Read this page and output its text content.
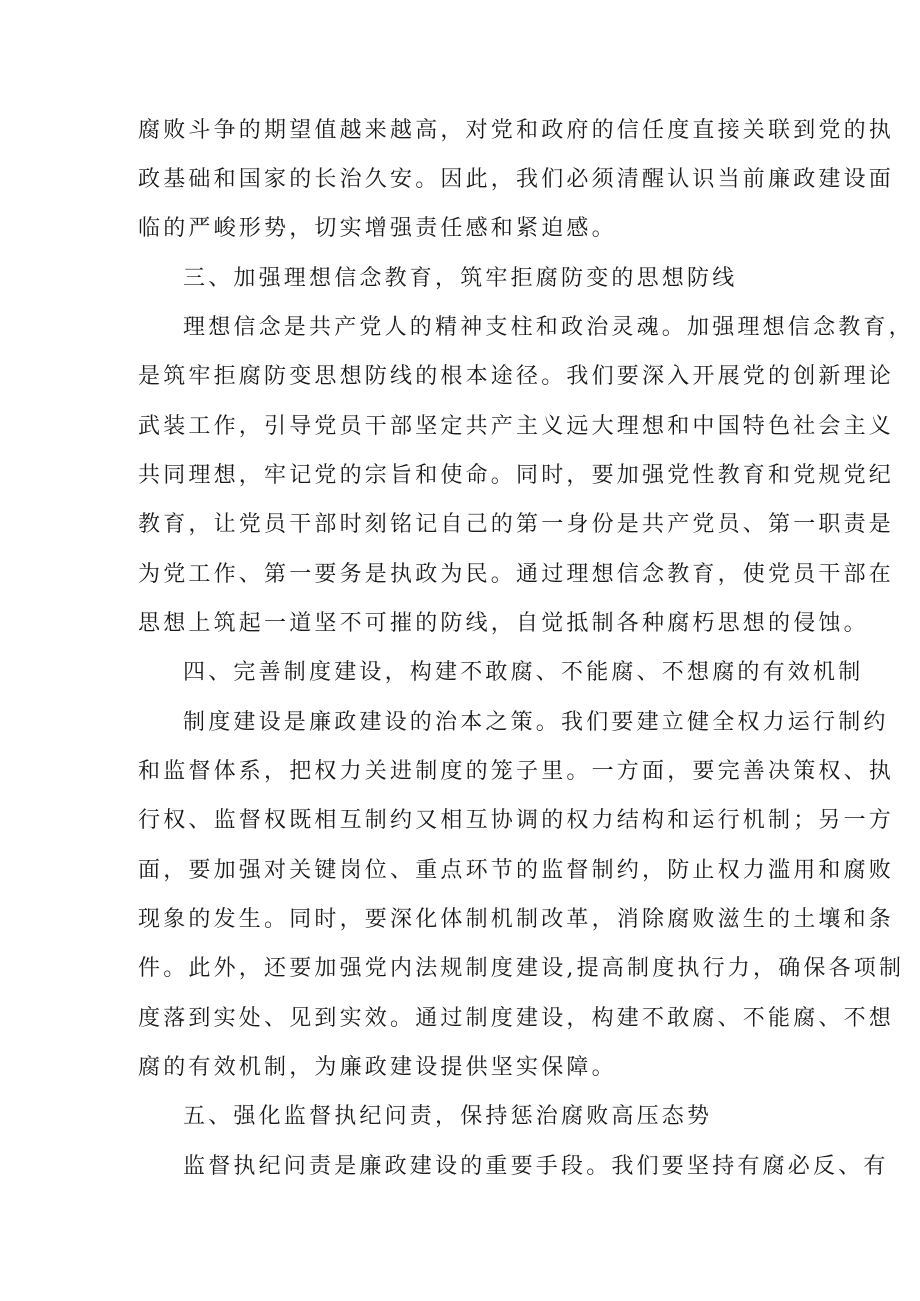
腐败斗争的期望值越来越高，对党和政府的信任度直接关联到党的执

政基础和国家的长治久安。因此，我们必须清醒认识当前廉政建设面

临的严峻形势，切实增强责任感和紧迫感。

三、加强理想信念教育，筑牢拒腐防变的思想防线

理想信念是共产党人的精神支柱和政治灵魂。加强理想信念教育，

是筑牢拒腐防变思想防线的根本途径。我们要深入开展党的创新理论

武装工作，引导党员干部坚定共产主义远大理想和中国特色社会主义

共同理想，牢记党的宗旨和使命。同时，要加强党性教育和党规党纪

教育，让党员干部时刻铭记自己的第一身份是共产党员、第一职责是

为党工作、第一要务是执政为民。通过理想信念教育，使党员干部在

思想上筑起一道坚不可摧的防线，自觉抵制各种腐朽思想的侵蚀。

四、完善制度建设，构建不敢腐、不能腐、不想腐的有效机制

制度建设是廉政建设的治本之策。我们要建立健全权力运行制约

和监督体系，把权力关进制度的笼子里。一方面，要完善决策权、执

行权、监督权既相互制约又相互协调的权力结构和运行机制；另一方

面，要加强对关键岗位、重点环节的监督制约，防止权力滥用和腐败

现象的发生。同时，要深化体制机制改革，消除腐败滋生的土壤和条

件。此外，还要加强党内法规制度建设,提高制度执行力，确保各项制

度落到实处、见到实效。通过制度建设，构建不敢腐、不能腐、不想

腐的有效机制，为廉政建设提供坚实保障。

五、强化监督执纪问责，保持惩治腐败高压态势

监督执纪问责是廉政建设的重要手段。我们要坚持有腐必反、有
